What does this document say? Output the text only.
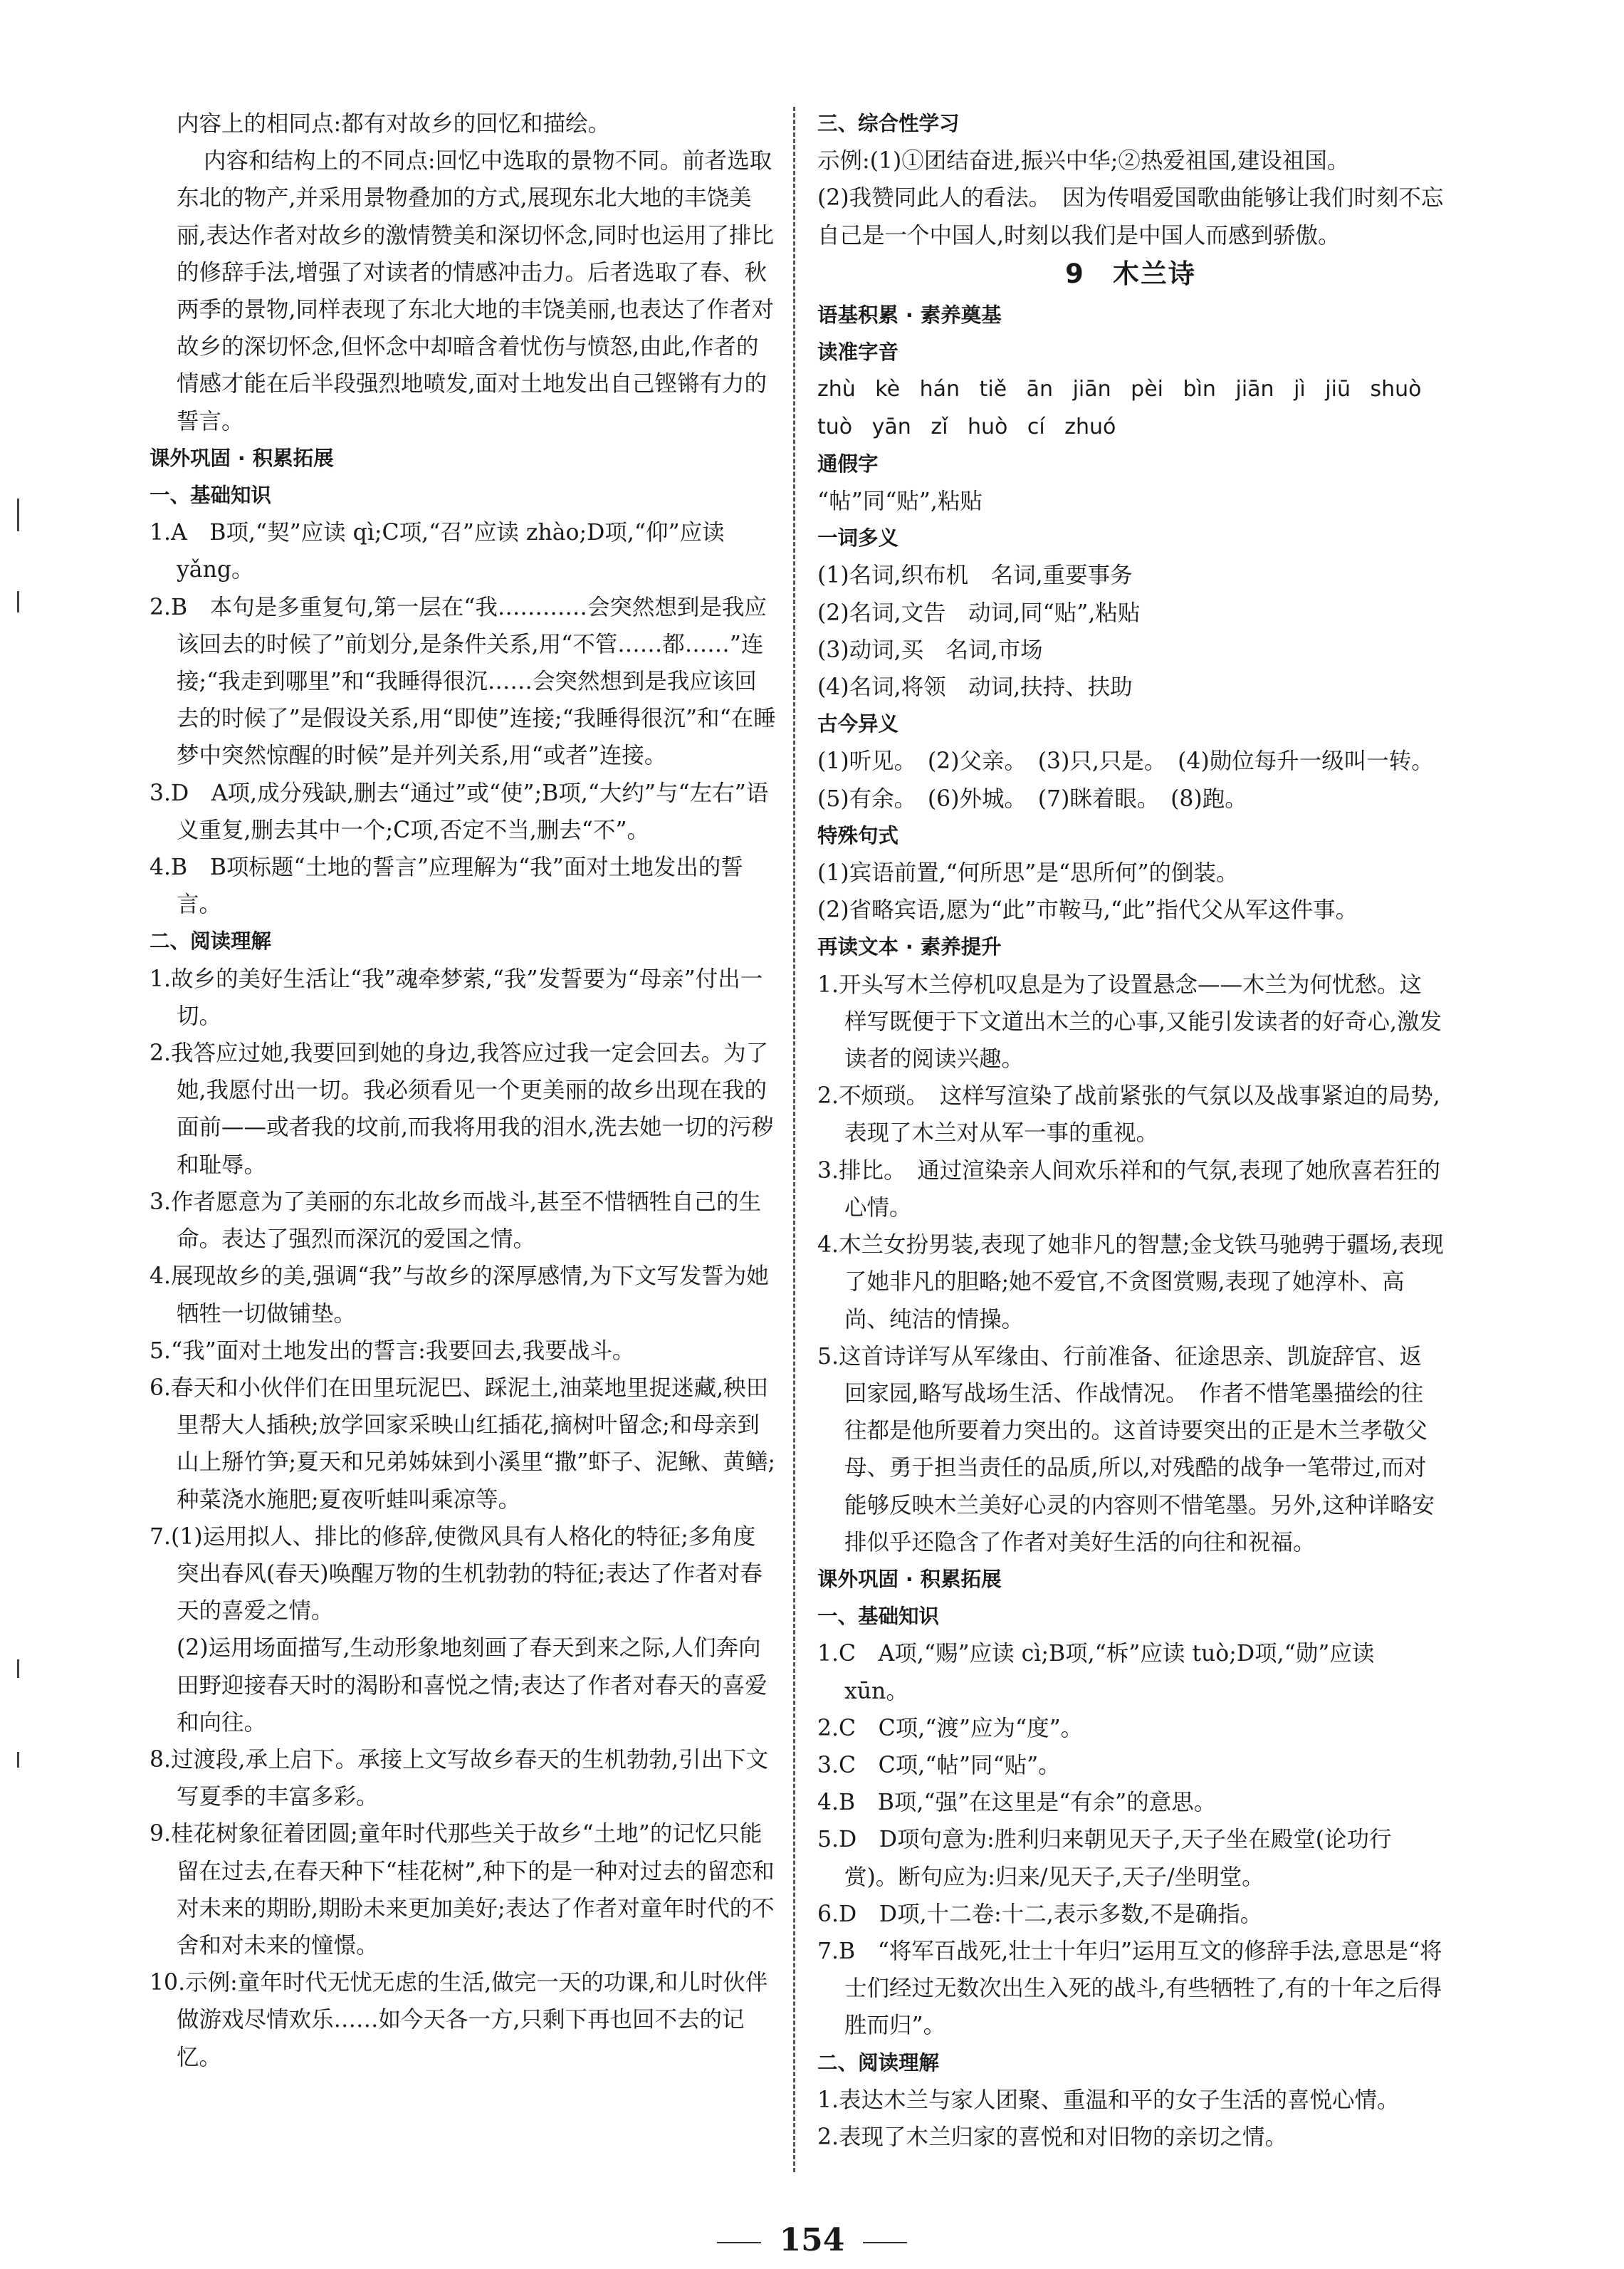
内容上的相同点:都有对故乡的回忆和描绘。

内容和结构上的不同点:回忆中选取的景物不同。前者选取东北的物产,并采用景物叠加的方式,展现东北大地的丰饶美丽,表达作者对故乡的激情赞美和深切怀念,同时也运用了排比的修辞手法,增强了对读者的情感冲击力。后者选取了春、秋两季的景物,同样表现了东北大地的丰饶美丽,也表达了作者对故乡的深切怀念,但怀念中却暗含着忧伤与愤怒,由此,作者的情感才能在后半段强烈地喷发,面对土地发出自己铿锵有力的誓言。

课外巩固 · 积累拓展

一、基础知识

1.A　B项,“契”应读 qì;C项,“召”应读 zhào;D项,“仰”应读 yǎng。

2.B　本句是多重复句,第一层在“我…………会突然想到是我应该回去的时候了”前划分,是条件关系,用“不管……都……”连接;“我走到哪里”和“我睡得很沉……会突然想到是我应该回去的时候了”是假设关系,用“即使”连接;“我睡得很沉”和“在睡梦中突然惊醒的时候”是并列关系,用“或者”连接。

3.D　A项,成分残缺,删去“通过”或“使”;B项,“大约”与“左右”语义重复,删去其中一个;C项,否定不当,删去“不”。

4.B　B项标题“土地的誓言”应理解为“我”面对土地发出的誓言。

二、阅读理解

1.故乡的美好生活让“我”魂牵梦萦,“我”发誓要为“母亲”付出一切。

2.我答应过她,我要回到她的身边,我答应过我一定会回去。为了她,我愿付出一切。我必须看见一个更美丽的故乡出现在我的面前——或者我的坟前,而我将用我的泪水,洗去她一切的污秽和耻辱。

3.作者愿意为了美丽的东北故乡而战斗,甚至不惜牺牲自己的生命。表达了强烈而深沉的爱国之情。

4.展现故乡的美,强调“我”与故乡的深厚感情,为下文写发誓为她牺牲一切做铺垫。

5.“我”面对土地发出的誓言:我要回去,我要战斗。

6.春天和小伙伴们在田里玩泥巴、踩泥土,油菜地里捉迷藏,秧田里帮大人插秧;放学回家采映山红插花,摘树叶留念;和母亲到山上掰竹笋;夏天和兄弟姊妹到小溪里“撒”虾子、泥鳅、黄鳝;种菜浇水施肥;夏夜听蛙叫乘凉等。

7.(1)运用拟人、排比的修辞,使微风具有人格化的特征;多角度突出春风(春天)唤醒万物的生机勃勃的特征;表达了作者对春天的喜爱之情。

(2)运用场面描写,生动形象地刻画了春天到来之际,人们奔向田野迎接春天时的渴盼和喜悦之情;表达了作者对春天的喜爱和向往。

8.过渡段,承上启下。承接上文写故乡春天的生机勃勃,引出下文写夏季的丰富多彩。

9.桂花树象征着团圆;童年时代那些关于故乡“土地”的记忆只能留在过去,在春天种下“桂花树”,种下的是一种对过去的留恋和对未来的期盼,期盼未来更加美好;表达了作者对童年时代的不舍和对未来的憧憬。

10.示例:童年时代无忧无虑的生活,做完一天的功课,和儿时伙伴做游戏尽情欢乐……如今天各一方,只剩下再也回不去的记忆。

三、综合性学习

示例:(1)①团结奋进,振兴中华;②热爱祖国,建设祖国。

(2)我赞同此人的看法。　因为传唱爱国歌曲能够让我们时刻不忘自己是一个中国人,时刻以我们是中国人而感到骄傲。

9　木兰诗

语基积累 · 素养奠基

读准字音

zhù kè hán tiě ān jiān pèi bìn jiān jì jiū shuò

tuò yān zǐ huò cí zhuó

通假字

“帖”同“贴”,粘贴

一词多义

(1)名词,织布机　名词,重要事务

(2)名词,文告　动词,同“贴”,粘贴

(3)动词,买　名词,市场

(4)名词,将领　动词,扶持、扶助

古今异义

(1)听见。　(2)父亲。　(3)只,只是。　(4)勋位每升一级叫一转。　(5)有余。　(6)外城。　(7)眯着眼。　(8)跑。

特殊句式

(1)宾语前置,“何所思”是“思所何”的倒装。

(2)省略宾语,愿为“此”市鞍马,“此”指代父从军这件事。

再读文本 · 素养提升

1.开头写木兰停机叹息是为了设置悬念——木兰为何忧愁。这样写既便于下文道出木兰的心事,又能引发读者的好奇心,激发读者的阅读兴趣。

2.不烦琐。　这样写渲染了战前紧张的气氛以及战事紧迫的局势,表现了木兰对从军一事的重视。

3.排比。　通过渲染亲人间欢乐祥和的气氛,表现了她欣喜若狂的心情。

4.木兰女扮男装,表现了她非凡的智慧;金戈铁马驰骋于疆场,表现了她非凡的胆略;她不爱官,不贪图赏赐,表现了她淳朴、高尚、纯洁的情操。

5.这首诗详写从军缘由、行前准备、征途思亲、凯旋辞官、返回家园,略写战场生活、作战情况。　作者不惜笔墨描绘的往往都是他所要着力突出的。这首诗要突出的正是木兰孝敬父母、勇于担当责任的品质,所以,对残酷的战争一笔带过,而对能够反映木兰美好心灵的内容则不惜笔墨。另外,这种详略安排似乎还隐含了作者对美好生活的向往和祝福。

课外巩固 · 积累拓展

一、基础知识

1.C　A项,“赐”应读 cì;B项,“柝”应读 tuò;D项,“勋”应读 xūn。

2.C　C项,“渡”应为“度”。

3.C　C项,“帖”同“贴”。

4.B　B项,“强”在这里是“有余”的意思。

5.D　D项句意为:胜利归来朝见天子,天子坐在殿堂(论功行赏)。断句应为:归来/见天子,天子/坐明堂。

6.D　D项,十二卷:十二,表示多数,不是确指。

7.B　“将军百战死,壮士十年归”运用互文的修辞手法,意思是“将士们经过无数次出生入死的战斗,有些牺牲了,有的十年之后得胜而归”。

二、阅读理解

1.表达木兰与家人团聚、重温和平的女子生活的喜悦心情。

2.表现了木兰归家的喜悦和对旧物的亲切之情。

154
